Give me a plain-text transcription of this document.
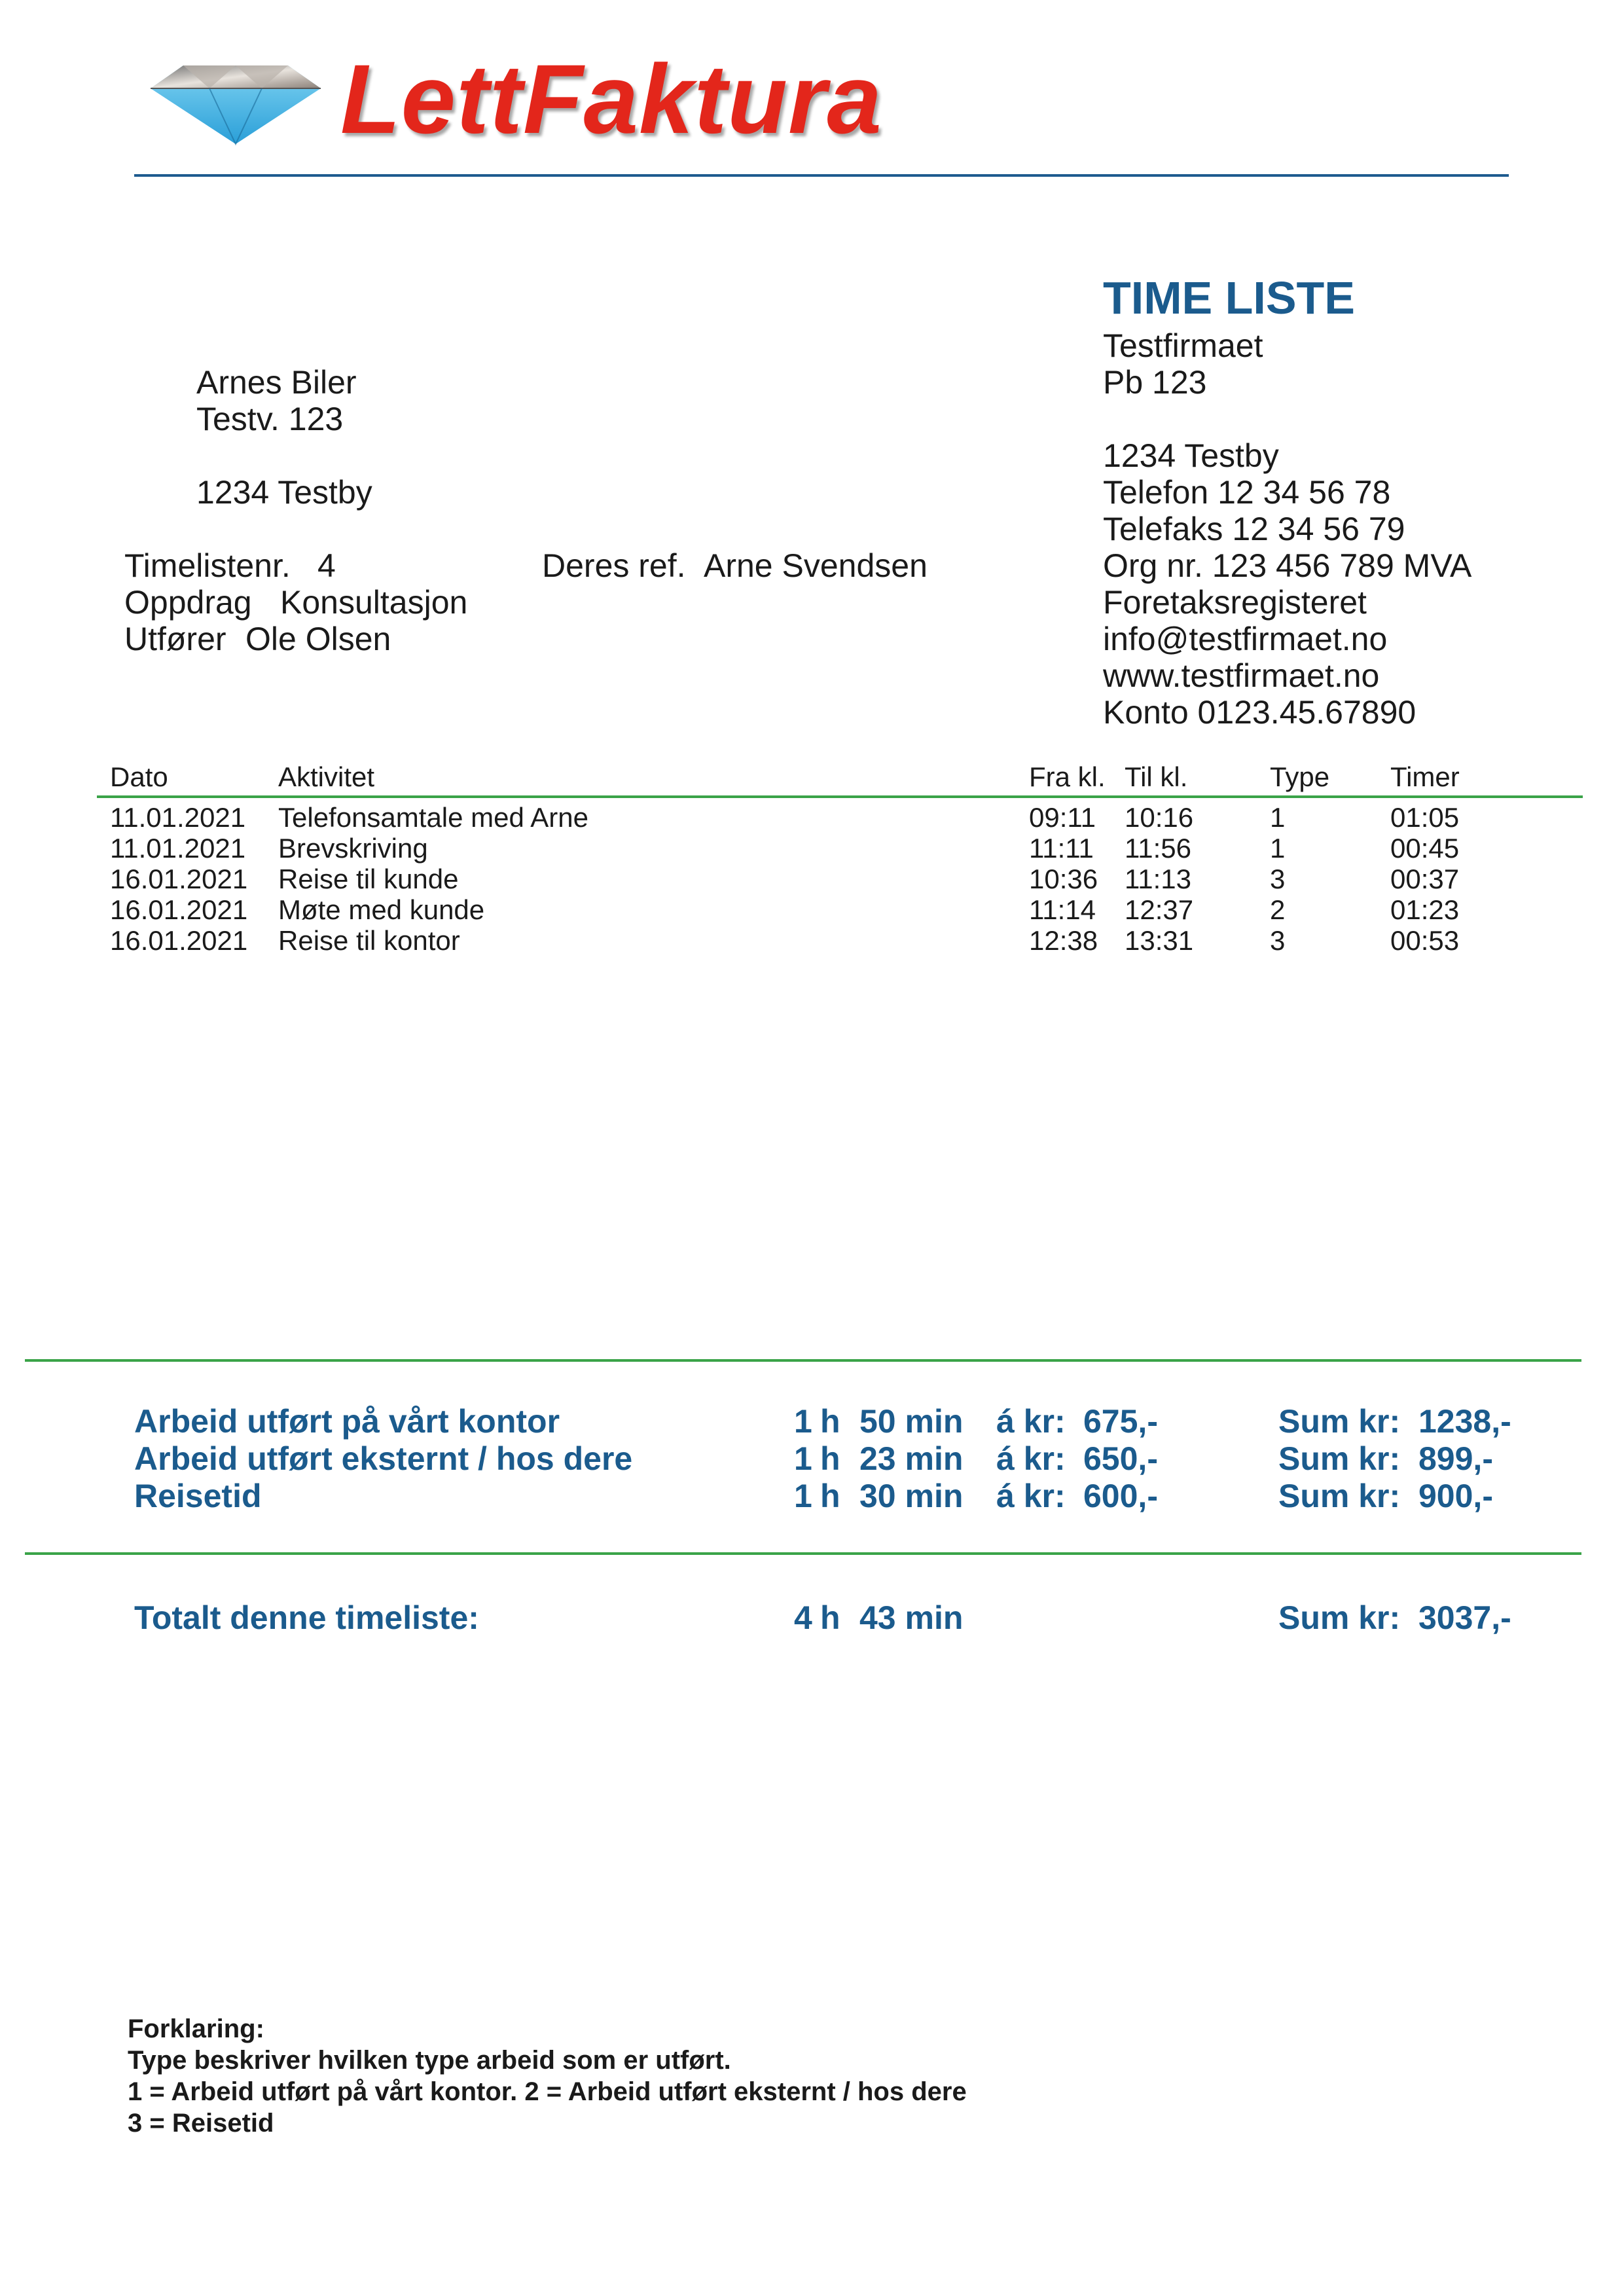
LettFaktura
TIME LISTE
Testfirmaet
Pb 123
1234 Testby
Telefon 12 34 56 78
Telefaks 12 34 56 79
Org nr. 123 456 789 MVA
Foretaksregisteret
info@testfirmaet.no
www.testfirmaet.no
Konto 0123.45.67890
Arnes Biler
Testv. 123
1234 Testby
Timelistenr. 4
Oppdrag Konsultasjon
Utfører Ole Olsen
Deres ref. Arne Svendsen
Dato	Aktivitet	Fra kl. Til kl.	Type Timer
11.01.2021 Telefonsamtale med Arne	09:11 10:16	1	01:05
11.01.2021 Brevskriving	11:11 11:56	1	00:45
16.01.2021 Reise til kunde	10:36 11:13	3	00:37
16.01.2021 Møte med kunde	11:14 12:37	2	01:23
16.01.2021 Reise til kontor	12:38 13:31	3	00:53
Arbeid utført på vårt kontor	1 h 50 min á kr: 675,-	Sum kr: 1238,-
Arbeid utført eksternt / hos dere	1 h 23 min á kr: 650,-	Sum kr: 899,-
Reisetid	1 h 30 min á kr: 600,-	Sum kr: 900,-
Totalt denne timeliste:	4 h 43 min	Sum kr: 3037,-
Forklaring:
Type beskriver hvilken type arbeid som er utført.
1 = Arbeid utført på vårt kontor. 2 = Arbeid utført eksternt / hos dere
3 = Reisetid
